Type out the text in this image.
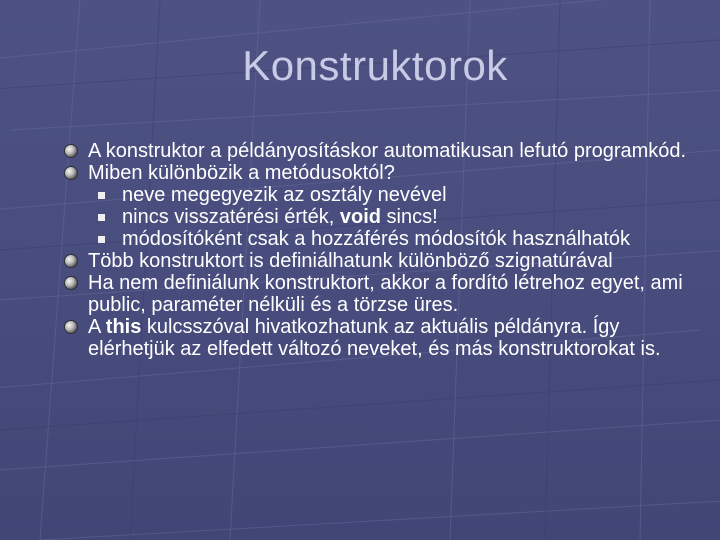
Konstruktorok
A konstruktor a példányosításkor automatikusan lefutó programkód.
Miben különbözik a metódusoktól?
neve megegyezik az osztály nevével
nincs visszatérési érték, void sincs!
módosítóként csak a hozzáférés módosítók használhatók
Több konstruktort is definiálhatunk különböző szignatúrával
Ha nem definiálunk konstruktort, akkor a fordító létrehoz egyet, ami public, paraméter nélküli és a törzse üres.
A this kulcsszóval hivatkozhatunk az aktuális példányra. Így elérhetjük az elfedett változó neveket, és más konstruktorokat is.
